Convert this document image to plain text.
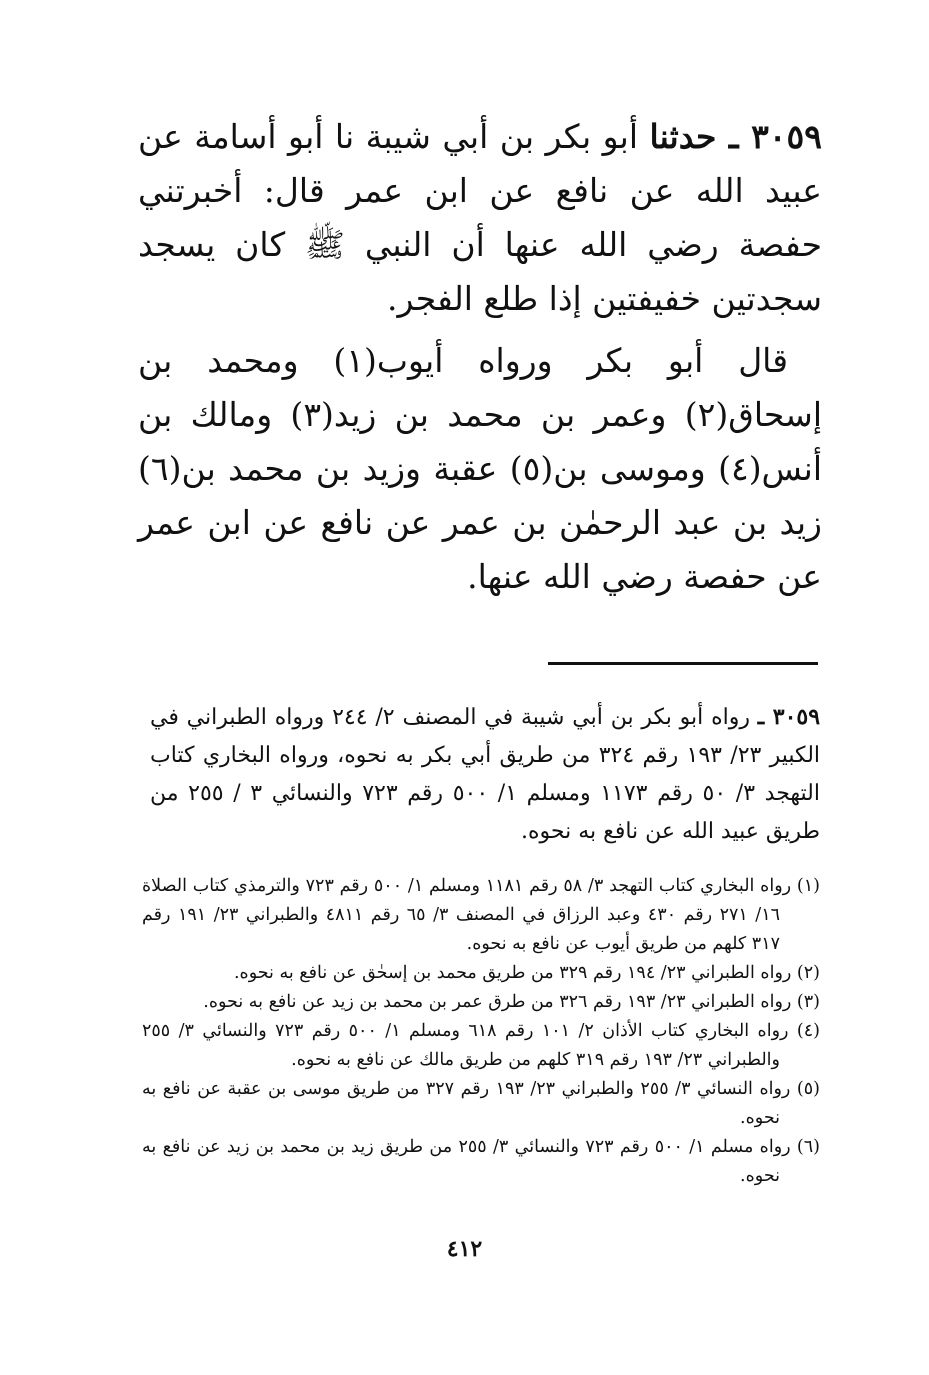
٣٠٥٩ ـ حدثنا أبو بكر بن أبي شيبة نا أبو أسامة عن عبيد الله عن نافع عن ابن عمر قال: أخبرتني حفصة رضي الله عنها أن النبي ﷺ كان يسجد سجدتين خفيفتين إذا طلع الفجر.

قال أبو بكر ورواه أيوب(١) ومحمد بن إسحاق(٢) وعمر بن محمد بن زيد(٣) ومالك بن أنس(٤) وموسى بن(٥) عقبة وزيد بن محمد بن(٦) زيد بن عبد الرحمٰن بن عمر عن نافع عن ابن عمر عن حفصة رضي الله عنها.

٣٠٥٩ ـ رواه أبو بكر بن أبي شيبة في المصنف ٢/ ٢٤٤ ورواه الطبراني في الكبير ٢٣/ ١٩٣ رقم ٣٢٤ من طريق أبي بكر به نحوه، ورواه البخاري كتاب التهجد ٣/ ٥٠ رقم ١١٧٣ ومسلم ١/ ٥٠٠ رقم ٧٢٣ والنسائي ٣ / ٢٥٥ من طريق عبيد الله عن نافع به نحوه.
(١) رواه البخاري كتاب التهجد ٣/ ٥٨ رقم ١١٨١ ومسلم ١/ ٥٠٠ رقم ٧٢٣ والترمذي كتاب الصلاة ١٦/ ٢٧١ رقم ٤٣٠ وعبد الرزاق في المصنف ٣/ ٦٥ رقم ٤٨١١ والطبراني ٢٣/ ١٩١ رقم ٣١٧ كلهم من طريق أيوب عن نافع به نحوه.
(٢) رواه الطبراني ٢٣/ ١٩٤ رقم ٣٢٩ من طريق محمد بن إسحٰق عن نافع به نحوه.
(٣) رواه الطبراني ٢٣/ ١٩٣ رقم ٣٢٦ من طرق عمر بن محمد بن زيد عن نافع به نحوه.
(٤) رواه البخاري كتاب الأذان ٢/ ١٠١ رقم ٦١٨ ومسلم ١/ ٥٠٠ رقم ٧٢٣ والنسائي ٣/ ٢٥٥ والطبراني ٢٣/ ١٩٣ رقم ٣١٩ كلهم من طريق مالك عن نافع به نحوه.
(٥) رواه النسائي ٣/ ٢٥٥ والطبراني ٢٣/ ١٩٣ رقم ٣٢٧ من طريق موسى بن عقبة عن نافع به نحوه.
(٦) رواه مسلم ١/ ٥٠٠ رقم ٧٢٣ والنسائي ٣/ ٢٥٥ من طريق زيد بن محمد بن زيد عن نافع به نحوه.
٤١٢
